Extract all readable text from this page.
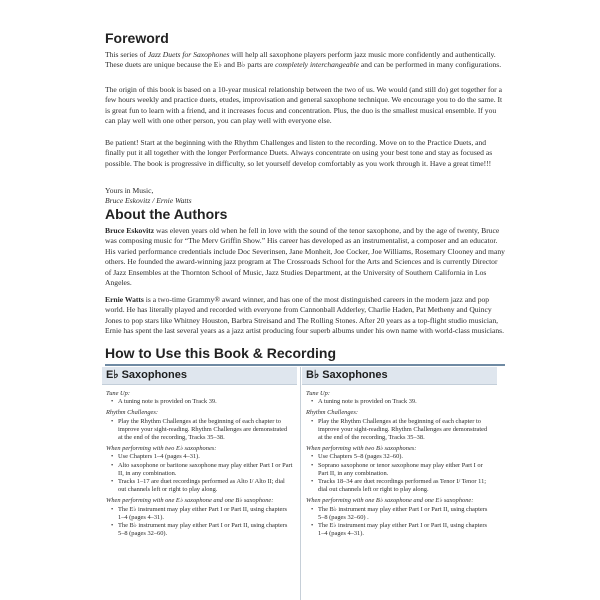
Foreword

This series of Jazz Duets for Saxophones will help all saxophone players perform jazz music more confidently and authentically. These duets are unique because the E♭ and B♭ parts are completely interchangeable and can be performed in many configurations.

The origin of this book is based on a 10-year musical relationship between the two of us. We would (and still do) get together for a few hours weekly and practice duets, etudes, improvisation and general saxophone technique. We encourage you to do the same. It is great fun to learn with a friend, and it increases focus and concentration. Plus, the duo is the smallest musical ensemble. If you can play well with one other person, you can play well with everyone else.

Be patient! Start at the beginning with the Rhythm Challenges and listen to the recording. Move on to the Practice Duets, and finally put it all together with the longer Performance Duets. Always concentrate on using your best tone and stay as focused as possible. The book is progressive in difficulty, so let yourself develop comfortably as you work through it. Have a great time!!!

Yours in Music,

Bruce Eskovitz / Ernie Watts

About the Authors

Bruce Eskovitz was eleven years old when he fell in love with the sound of the tenor saxophone, and by the age of twenty, Bruce was composing music for “The Merv Griffin Show.” His career has developed as an instrumentalist, a composer and an educator. His varied performance credentials include Doc Severinsen, Jane Monheit, Joe Cocker, Joe Williams, Rosemary Clooney and many others. He founded the award-winning jazz program at The Crossroads School for the Arts and Sciences and is currently Director of Jazz Ensembles at the Thornton School of Music, Jazz Studies Department, at the University of Southern California in Los Angeles.

Ernie Watts is a two-time Grammy® award winner, and has one of the most distinguished careers in the modern jazz and pop world. He has literally played and recorded with everyone from Cannonball Adderley, Charlie Haden, Pat Metheny and Quincy Jones to pop stars like Whitney Houston, Barbra Streisand and The Rolling Stones. After 20 years as a top-flight studio musician, Ernie has spent the last several years as a jazz artist producing four superb albums under his own name with world-class musicians.

How to Use this Book & Recording
E♭ Saxophones
Tune Up:
• A tuning note is provided on Track 39.
Rhythm Challenges:
• Play the Rhythm Challenges at the beginning of each chapter to improve your sight-reading. Rhythm Challenges are demonstrated at the end of the recording, Tracks 35–38.
When performing with two E♭ saxophones:
• Use Chapters 1–4 (pages 4–31).
• Alto saxophone or baritone saxophone may play either Part I or Part II, in any combination.
• Tracks 1–17 are duet recordings performed as Alto I/ Alto II; dial out channels left or right to play along.
When performing with one E♭ saxophone and one B♭ saxophone:
• The E♭ instrument may play either Part I or Part II, using chapters 1–4 (pages 4–31).
• The B♭ instrument may play either Part I or Part II, using chapters 5–8 (pages 32–60).
B♭ Saxophones
Tune Up:
• A tuning note is provided on Track 39.
Rhythm Challenges:
• Play the Rhythm Challenges at the beginning of each chapter to improve your sight-reading. Rhythm Challenges are demonstrated at the end of the recording, Tracks 35–38.
When performing with two B♭ saxophones:
• Use Chapters 5–8 (pages 32–60).
• Soprano saxophone or tenor saxophone may play either Part I or Part II, in any combination.
• Tracks 18–34 are duet recordings performed as Tenor I/ Tenor 11; dial out channels left or right to play along.
When performing with one B♭ saxophone and one E♭ saxophone:
• The B♭ instrument may play either Part I or Part II, using chapters 5–8 (pages 32–60) .
• The E♭ instrument may play either Part I or Part II, using chapters 1–4 (pages 4–31).
